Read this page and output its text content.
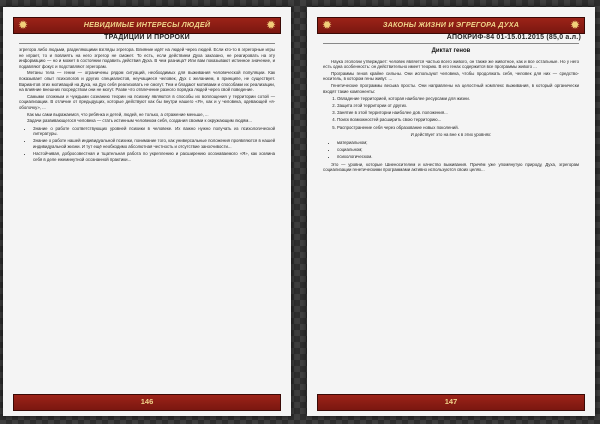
✹	НЕВИДИМЫЕ ИНТЕРЕСЫ ЛЮДЕЙ	✹
ТРАДИЦИИ И ПРОРОКИ

эгрегора либо людьми, разделяющими взгляды эгрегора. Влияние идёт на людей через людей. Если кто-то в эгрегорные игры не играет, то и повлиять на него эгрегор не сможет. То есть, если действием Духа заказано, не реагировать на эту информацию — но и может в состоянии подавить действия Духа. В чем разница? Или вам показывают истинное значение, и подавляют фокус и подставляют эгрегорам.

Метаны тела — гении — ограничены рядом ситуаций, необходимых для выживания человеческой популяции. Как показывает опыт психологов и других специалистов, неучащиеся человек, Дух с желанием, в принципе, не существует. Вариантов этих мотиваций на Духа, на Дух себя реализовать не смогут. Тем и бладают мотивами и способами их реализации, на влияние внешних посредством они не могут. Разве что отвлечение разного порядка людей через свой поведение.

Самыми сложным и чуждыми сознанию теории на психику являются в способы их воплощения у территории сотой — социализации. В отличие от предыдущих, которые действуют как бы внутри нашего «Я», как и у человека, одевающей «я-оболочку», ...

Как мы сами выражаемся, что ребёнка и детей, людей, не только, а отражение меньше, ...

Задачи развивающегося человека — стать истинным человеком себя, создания своими к окружающим людям...

• Знание о работе соответствующих уровней психики в человеке. Их важно нужно получать из психологической литературы.
• Знание о работе нашей индивидуальной психики, понимание того, как универсальные положения проявляются в нашей индивидуальной жизни. И тут ещё необходимо абсолютная честность и отсутствие заносчивости...
• Настойчивая, добросовестная и тщательная работа по укреплению и расширению осознаваемого «Я», как хозяина себя в деле ежеминутной осознанной практики...
146
✹	ЗАКОНЫ ЖИЗНИ И ЭГРЕГОРА ДУХА	✹
АПОКРИФ-84 01-15.01.2015 (85,0 а.л.)
Диктат генов

Наука этологии утверждает: человек является частью всего живого, он также же животное, как и все остальные. Но у него есть одна особенность: он действительно имеет теорию. В его генах содержится все программы живого ...

Программы генов крайне сильны. Они используют человека, чтобы продолжать себя, человек для них — средство-носитель, в котором гены живут. ...

Генетические программы весьма просты. Они направлены на целостный комплекс выживания, в который органически входят такие компоненты:

1. Овладение территорией, которая наиболее ресурсами для жизни.
2. Защита этой территории от других.
3. Занятие в этой территории наиболее дов. положения...
4. Поиск возможностей расширить свою территорию...
5. Распространение себя через образование новых поколений.

И действует это на вне к в этих уровнях:

• материальном;
• социальном;
• психологическом.

Это — уровни, которые Шиеносителем и качество выживания. Причём уже упомянутую природу, Духа, эгрегорам социализации генетическими программами активно используются своих целях...

147
